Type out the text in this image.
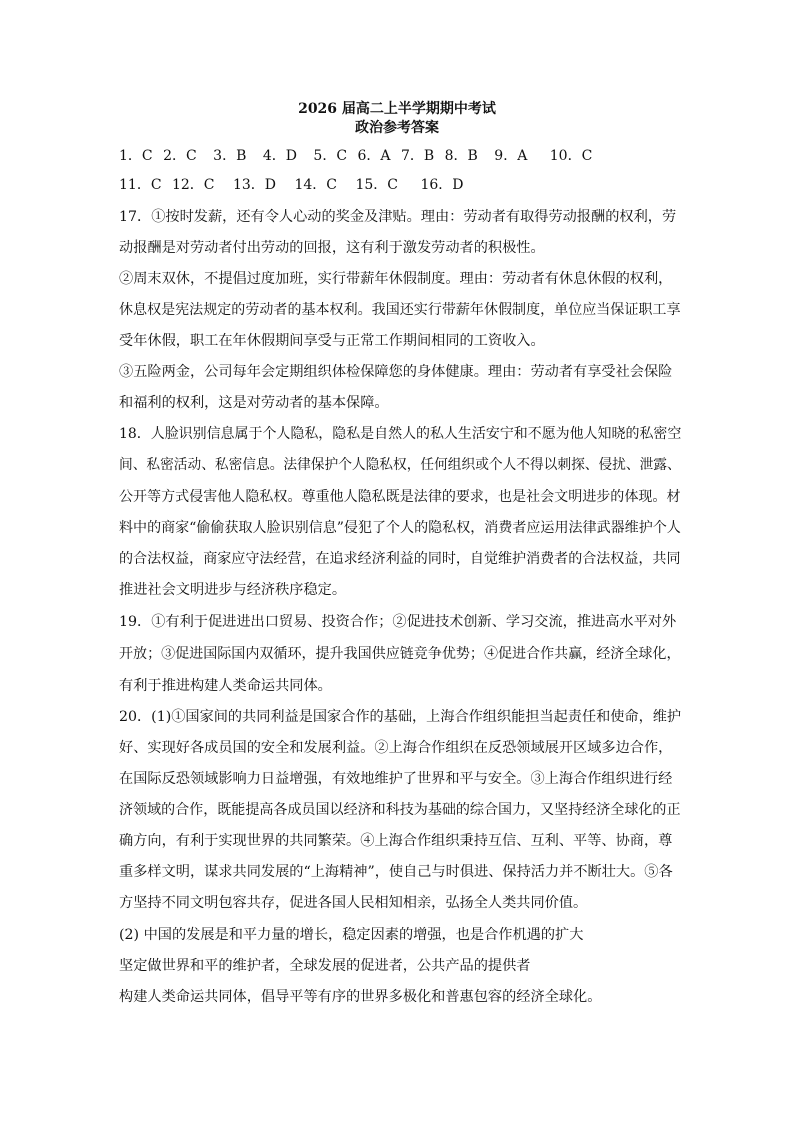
2026 届高二上半学期期中考试
政治参考答案
1．C 2．C 3．B 4．D 5．C 6．A 7．B 8．B 9．A 10．C
11．C 12．C 13．D 14．C 15．C 16．D
17．①按时发薪，还有令人心动的奖金及津贴。理由：劳动者有取得劳动报酬的权利，劳
动报酬是对劳动者付出劳动的回报，这有利于激发劳动者的积极性。
②周末双休，不提倡过度加班，实行带薪年休假制度。理由：劳动者有休息休假的权利，
休息权是宪法规定的劳动者的基本权利。我国还实行带薪年休假制度，单位应当保证职工享
受年休假，职工在年休假期间享受与正常工作期间相同的工资收入。
③五险两金，公司每年会定期组织体检保障您的身体健康。理由：劳动者有享受社会保险
和福利的权利，这是对劳动者的基本保障。
18．人脸识别信息属于个人隐私，隐私是自然人的私人生活安宁和不愿为他人知晓的私密空
间、私密活动、私密信息。法律保护个人隐私权，任何组织或个人不得以刺探、侵扰、泄露、
公开等方式侵害他人隐私权。尊重他人隐私既是法律的要求，也是社会文明进步的体现。材
料中的商家“偷偷获取人脸识别信息”侵犯了个人的隐私权，消费者应运用法律武器维护个人
的合法权益，商家应守法经营，在追求经济利益的同时，自觉维护消费者的合法权益，共同
推进社会文明进步与经济秩序稳定。
19．①有利于促进进出口贸易、投资合作；②促进技术创新、学习交流，推进高水平对外
开放；③促进国际国内双循环，提升我国供应链竞争优势；④促进合作共赢，经济全球化，
有利于推进构建人类命运共同体。
20．(1)①国家间的共同利益是国家合作的基础，上海合作组织能担当起责任和使命，维护
好、实现好各成员国的安全和发展利益。②上海合作组织在反恐领域展开区域多边合作，
在国际反恐领域影响力日益增强，有效地维护了世界和平与安全。③上海合作组织进行经
济领域的合作，既能提高各成员国以经济和科技为基础的综合国力，又坚持经济全球化的正
确方向，有利于实现世界的共同繁荣。④上海合作组织秉持互信、互利、平等、协商，尊
重多样文明，谋求共同发展的“上海精神”，使自己与时俱进、保持活力并不断壮大。⑤各
方坚持不同文明包容共存，促进各国人民相知相亲，弘扬全人类共同价值。
(2) 中国的发展是和平力量的增长，稳定因素的增强，也是合作机遇的扩大
坚定做世界和平的维护者，全球发展的促进者，公共产品的提供者
构建人类命运共同体，倡导平等有序的世界多极化和普惠包容的经济全球化。
